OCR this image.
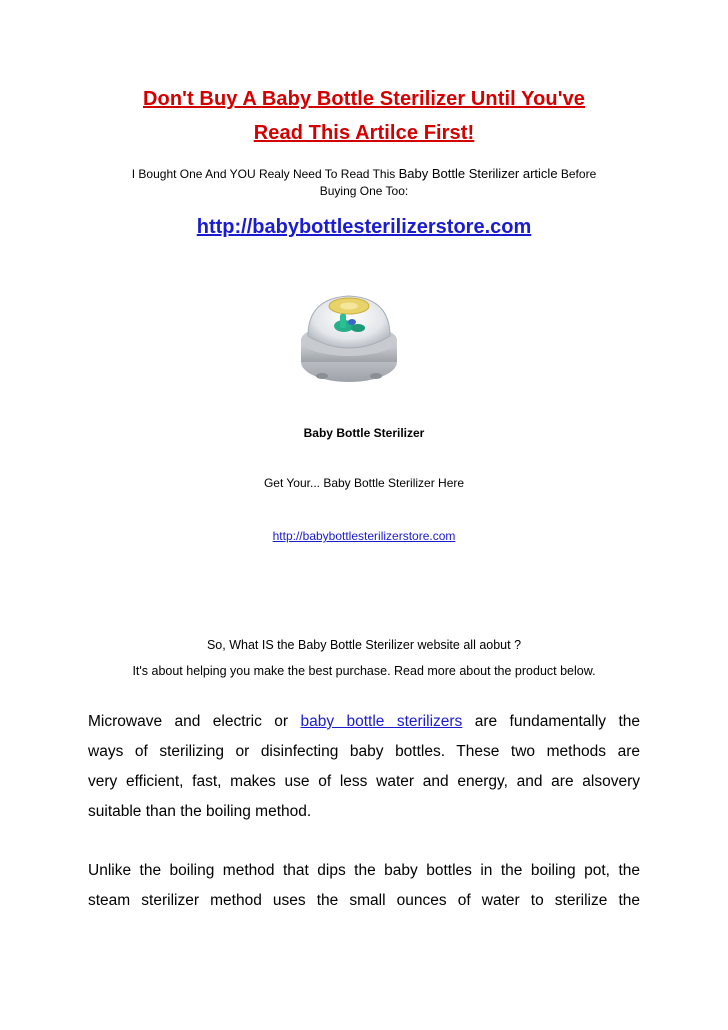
Don't Buy A Baby Bottle Sterilizer Until You've
Read This Artilce First!
I Bought One And YOU Realy Need To Read This Baby Bottle Sterilizer article Before
Buying One Too:
http://babybottlesterilizerstore.com
Baby Bottle Sterilizer
Get Your... Baby Bottle Sterilizer Here
http://babybottlesterilizerstore.com
So, What IS the Baby Bottle Sterilizer website all aobut ?
It's about helping you make the best purchase. Read more about the product below.
Microwave and electric or baby bottle sterilizers are fundamentally the
ways of sterilizing or disinfecting baby bottles. These two methods are
very efficient, fast, makes use of less water and energy, and are alsovery
suitable than the boiling method.
Unlike the boiling method that dips the baby bottles in the boiling pot, the
steam sterilizer method uses the small ounces of water to sterilize the
